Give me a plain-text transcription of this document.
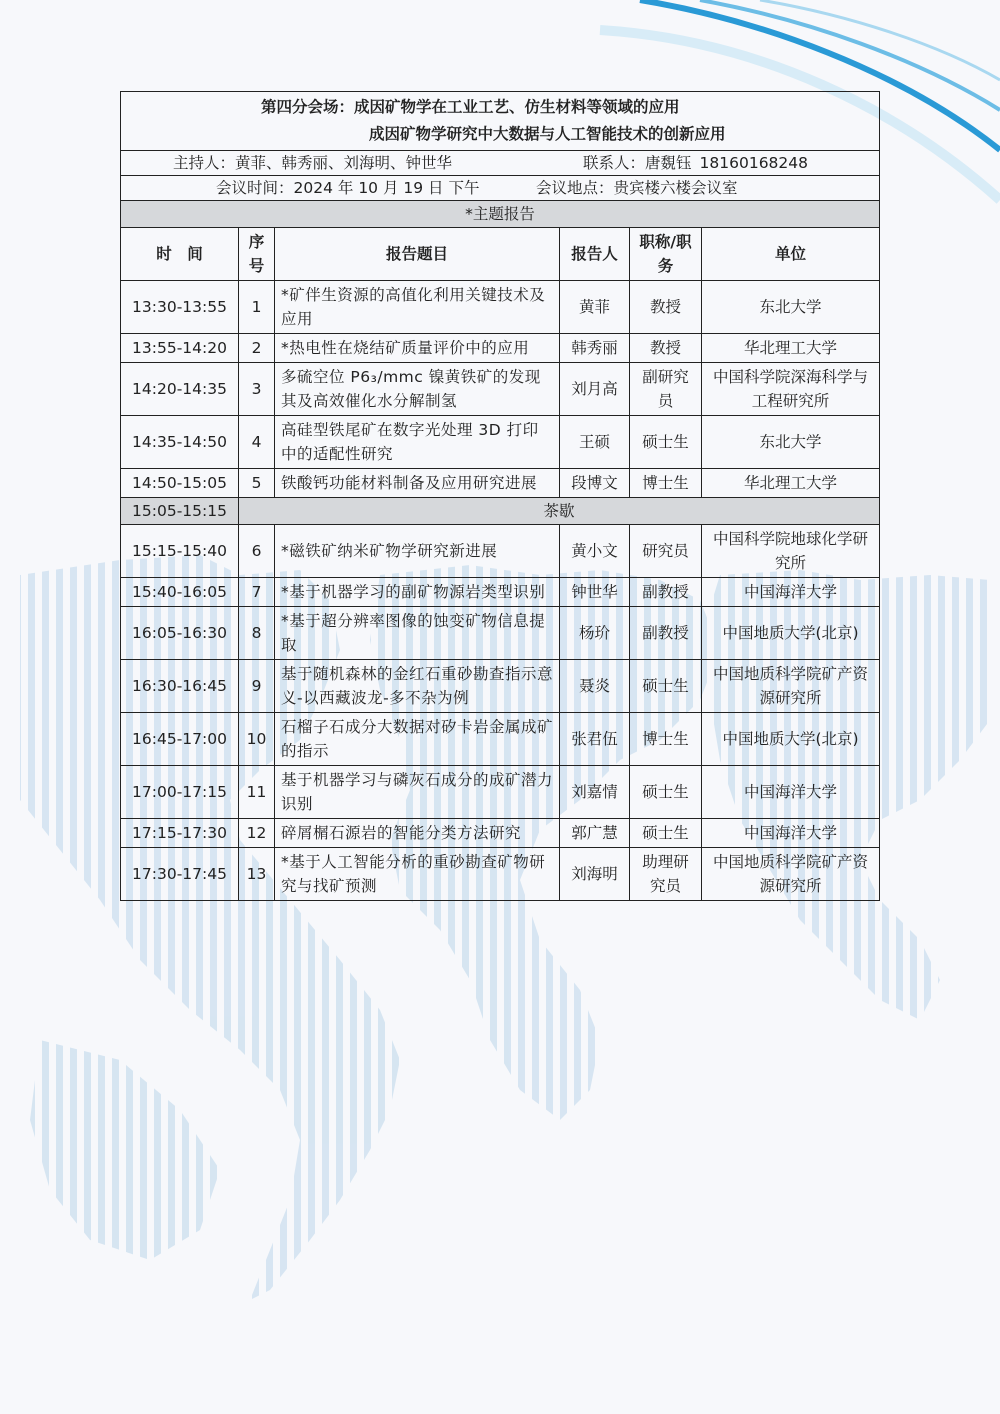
第四分会场：成因矿物学在工业工艺、仿生材料等领域的应用
成因矿物学研究中大数据与人工智能技术的创新应用					

主持人：黄菲、韩秀丽、刘海明、钟世华 联系人：唐覣钰 18160168248					
会议时间：2024 年 10 月 19 日 下午 会议地点：贵宾楼六楼会议室					
*主题报告					
时　间	序号	报告题目	报告人	职称/职务	单位
13:30-13:55	1	*矿伴生资源的高值化利用关键技术及应用	黄菲	教授	东北大学
13:55-14:20	2	*热电性在烧结矿质量评价中的应用	韩秀丽	教授	华北理工大学
14:20-14:35	3	多硫空位 P6₃/mmc 镍黄铁矿的发现其及高效催化水分解制氢	刘月高	副研究员	中国科学院深海科学与工程研究所
14:35-14:50	4	高硅型铁尾矿在数字光处理 3D 打印中的适配性研究	王硕	硕士生	东北大学
14:50-15:05	5	铁酸钙功能材料制备及应用研究进展	段博文	博士生	华北理工大学
15:05-15:15	茶歇				
15:15-15:40	6	*磁铁矿纳米矿物学研究新进展	黄小文	研究员	中国科学院地球化学研究所
15:40-16:05	7	*基于机器学习的副矿物源岩类型识别	钟世华	副教授	中国海洋大学
16:05-16:30	8	*基于超分辨率图像的蚀变矿物信息提取	杨玠	副教授	中国地质大学(北京)
16:30-16:45	9	基于随机森林的金红石重砂勘查指示意义-以西藏波龙-多不杂为例	聂炎	硕士生	中国地质科学院矿产资源研究所
16:45-17:00	10	石榴子石成分大数据对矽卡岩金属成矿的指示	张君伍	博士生	中国地质大学(北京)
17:00-17:15	11	基于机器学习与磷灰石成分的成矿潜力识别	刘嘉情	硕士生	中国海洋大学
17:15-17:30	12	碎屑榍石源岩的智能分类方法研究	郭广慧	硕士生	中国海洋大学
17:30-17:45	13	*基于人工智能分析的重砂勘查矿物研究与找矿预测	刘海明	助理研究员	中国地质科学院矿产资源研究所
